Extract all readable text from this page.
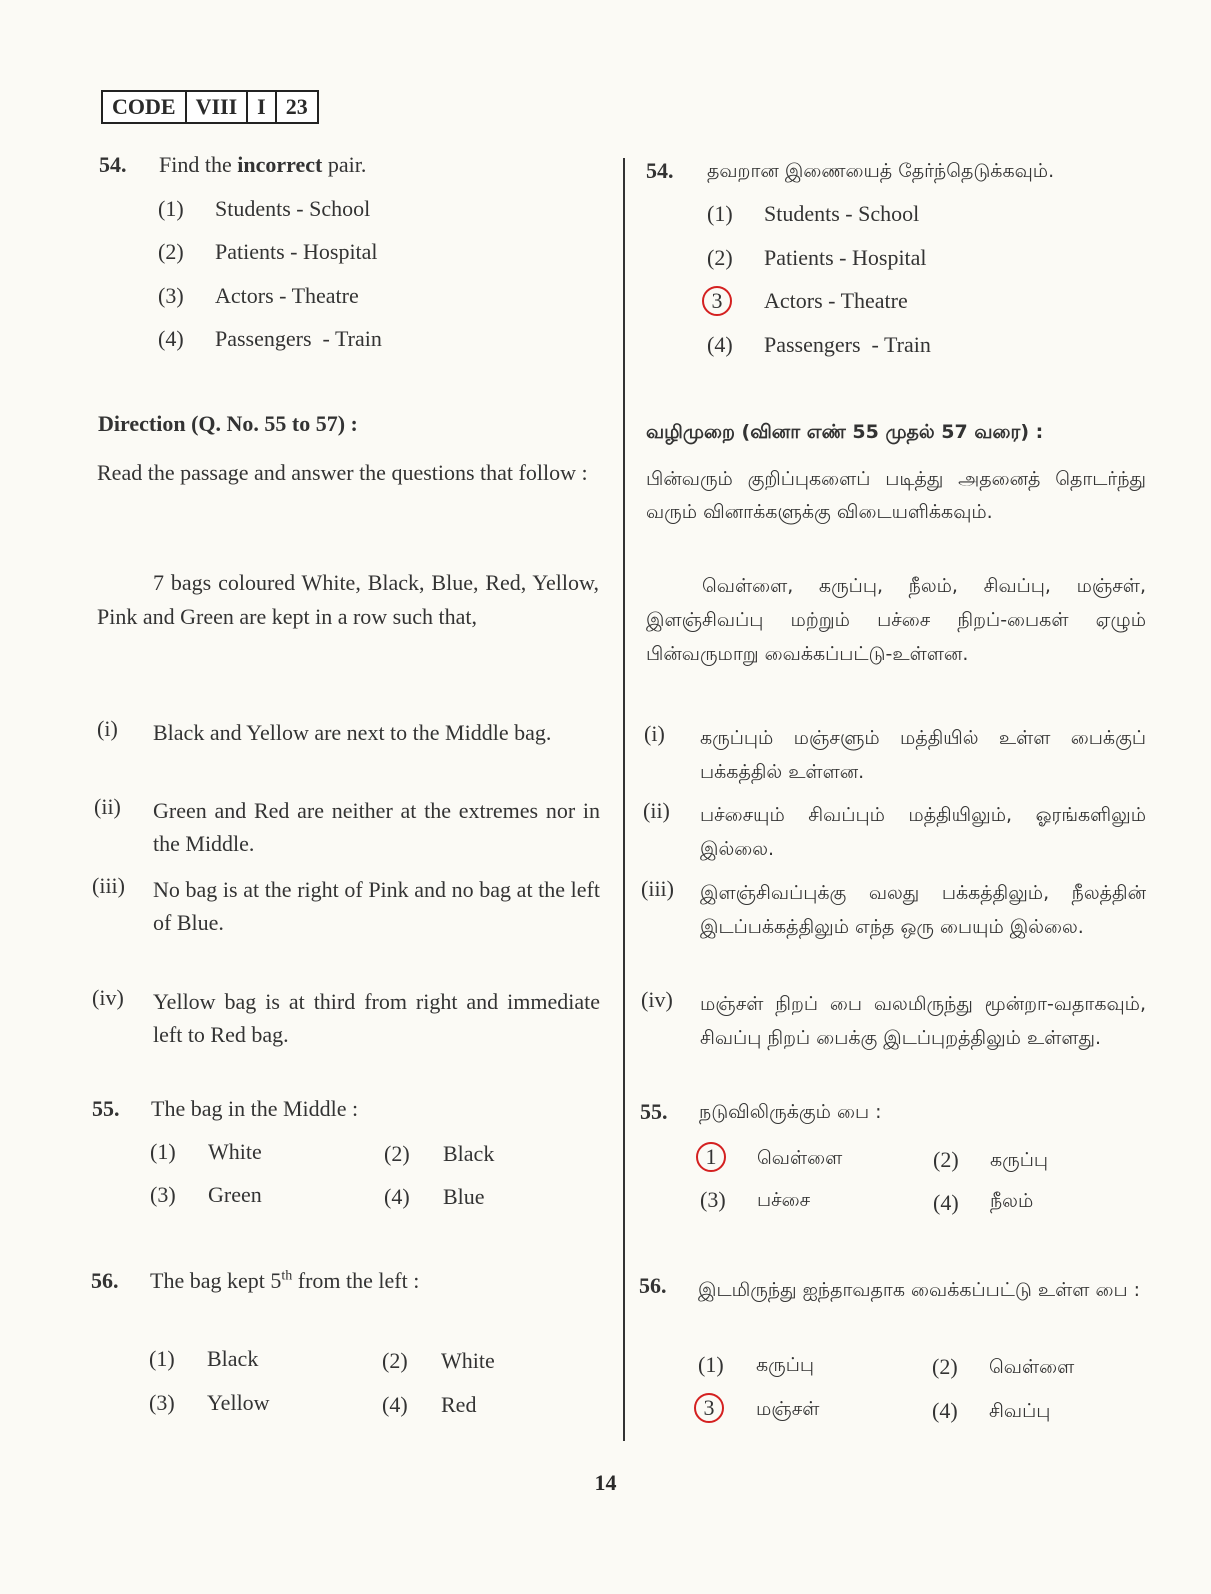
CODE VIII I 23
54. Find the incorrect pair.
(1) Students - School
(2) Patients - Hospital
(3) Actors - Theatre
(4) Passengers  - Train
Direction (Q. No. 55 to 57) :
Read the passage and answer the questions that follow :
7 bags coloured White, Black, Blue, Red, Yellow, Pink and Green are kept in a row such that,
(i) Black and Yellow are next to the Middle bag.
(ii) Green and Red are neither at the extremes nor in the Middle.
(iii) No bag is at the right of Pink and no bag at the left of Blue.
(iv) Yellow bag is at third from right and immediate left to Red bag.
55. The bag in the Middle :
(1) White	(2) Black
(3) Green	(4) Blue
56. The bag kept 5th from the left :
(1) Black	(2) White
(3) Yellow	(4) Red
54. தவறான இணையைத் தேர்ந்தெடுக்கவும்.
(1) Students - School
(2) Patients - Hospital
3	Actors - Theatre
(4) Passengers  - Train
வழிமுறை (வினா எண் 55 முதல் 57 வரை) :
பின்வரும் குறிப்புகளைப் படித்து அதனைத் தொடர்ந்து வரும் வினாக்களுக்கு விடையளிக்கவும்.
வெள்ளை, கருப்பு, நீலம், சிவப்பு, மஞ்சள், இளஞ்சிவப்பு மற்றும் பச்சை நிறப்-பைகள் ஏழும் பின்வருமாறு வைக்கப்பட்டு-உள்ளன.
(i) கருப்பும் மஞ்சளும் மத்தியில் உள்ள பைக்குப் பக்கத்தில் உள்ளன.
(ii) பச்சையும் சிவப்பும் மத்தியிலும், ஓரங்களிலும் இல்லை.
(iii) இளஞ்சிவப்புக்கு வலது பக்கத்திலும், நீலத்தின் இடப்பக்கத்திலும் எந்த ஒரு பையும் இல்லை.
(iv) மஞ்சள் நிறப் பை வலமிருந்து மூன்றா-வதாகவும், சிவப்பு நிறப் பைக்கு இடப்புறத்திலும் உள்ளது.
55. நடுவிலிருக்கும் பை :
1	வெள்ளை	(2) கருப்பு
(3) பச்சை	(4) நீலம்
56. இடமிருந்து ஐந்தாவதாக வைக்கப்பட்டு உள்ள பை :
(1) கருப்பு	(2) வெள்ளை
3	மஞ்சள்	(4) சிவப்பு
14
